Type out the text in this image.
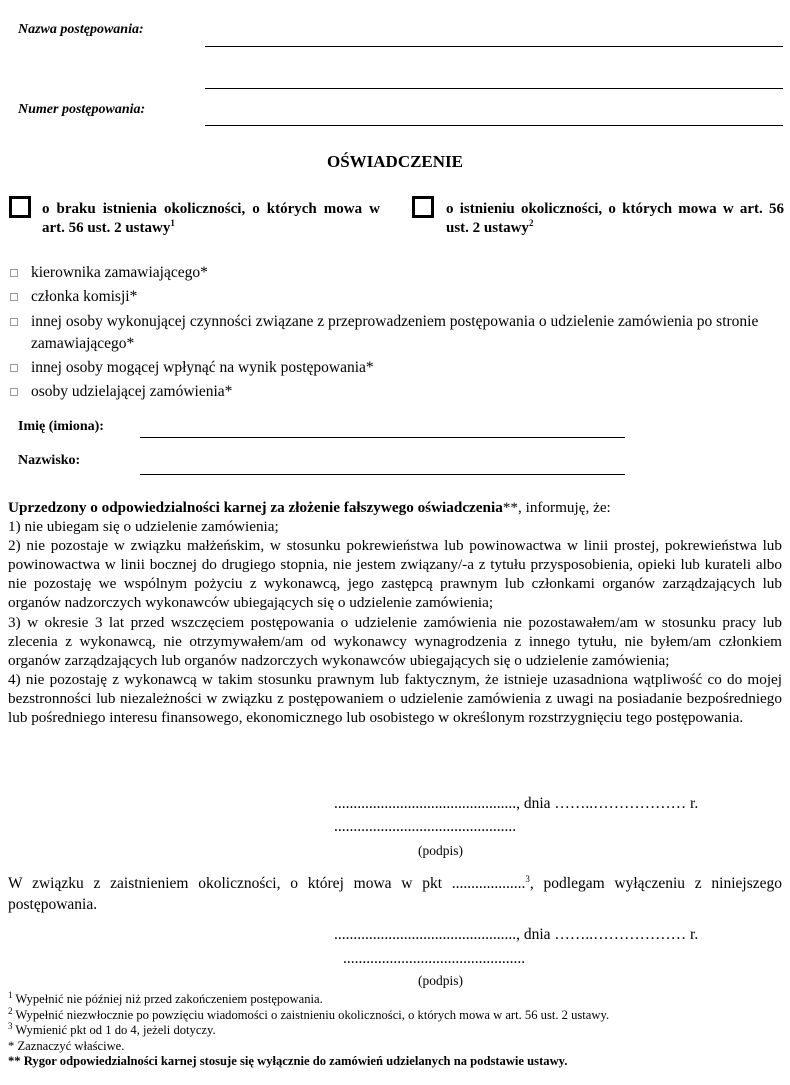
Nazwa postępowania:
Numer postępowania:
OŚWIADCZENIE
o braku istnienia okoliczności, o których mowa w art. 56 ust. 2 ustawy$^1$
o istnieniu okoliczności, o których mowa w art. 56 ust. 2 ustawy$^2$
kierownika zamawiającego*
członka komisji*
innej osoby wykonującej czynności związane z przeprowadzeniem postępowania o udzielenie zamówienia po stronie zamawiającego*
innej osoby mogącej wpłynąć na wynik postępowania*
osoby udzielającej zamówienia*
Imię (imiona):
Nazwisko:

Uprzedzony o odpowiedzialności karnej za złożenie fałszywego oświadczenia**, informuję, że:

1) nie ubiegam się o udzielenie zamówienia;

2) nie pozostaje w związku małżeńskim, w stosunku pokrewieństwa lub powinowactwa w linii prostej, pokrewieństwa lub powinowactwa w linii bocznej do drugiego stopnia, nie jestem związany/-a z tytułu przysposobienia, opieki lub kurateli albo nie pozostaję we wspólnym pożyciu z wykonawcą, jego zastępcą prawnym lub członkami organów zarządzających lub organów nadzorczych wykonawców ubiegających się o udzielenie zamówienia;

3) w okresie 3 lat przed wszczęciem postępowania o udzielenie zamówienia nie pozostawałem/am w stosunku pracy lub zlecenia z wykonawcą, nie otrzymywałem/am od wykonawcy wynagrodzenia z innego tytułu, nie byłem/am członkiem organów zarządzających lub organów nadzorczych wykonawców ubiegających się o udzielenie zamówienia;

4) nie pozostaję z wykonawcą w takim stosunku prawnym lub faktycznym, że istnieje uzasadniona wątpliwość co do mojej bezstronności lub niezależności w związku z postępowaniem o udzielenie zamówienia z uwagi na posiadanie bezpośredniego lub pośredniego interesu finansowego, ekonomicznego lub osobistego w określonym rozstrzygnięciu tego postępowania.

..............................................., dnia ……..……………… r.
...............................................
(podpis)
W związku z zaistnieniem okoliczności, o której mowa w pkt ...................$^3$, podlegam wyłączeniu z niniejszego postępowania.
..............................................., dnia ……..……………… r.
...............................................
(podpis)
$^1$ Wypełnić nie później niż przed zakończeniem postępowania.
$^2$ Wypełnić niezwłocznie po powzięciu wiadomości o zaistnieniu okoliczności, o których mowa w art. 56 ust. 2 ustawy.
$^3$ Wymienić pkt od 1 do 4, jeżeli dotyczy.
* Zaznaczyć właściwe.
** Rygor odpowiedzialności karnej stosuje się wyłącznie do zamówień udzielanych na podstawie ustawy.
